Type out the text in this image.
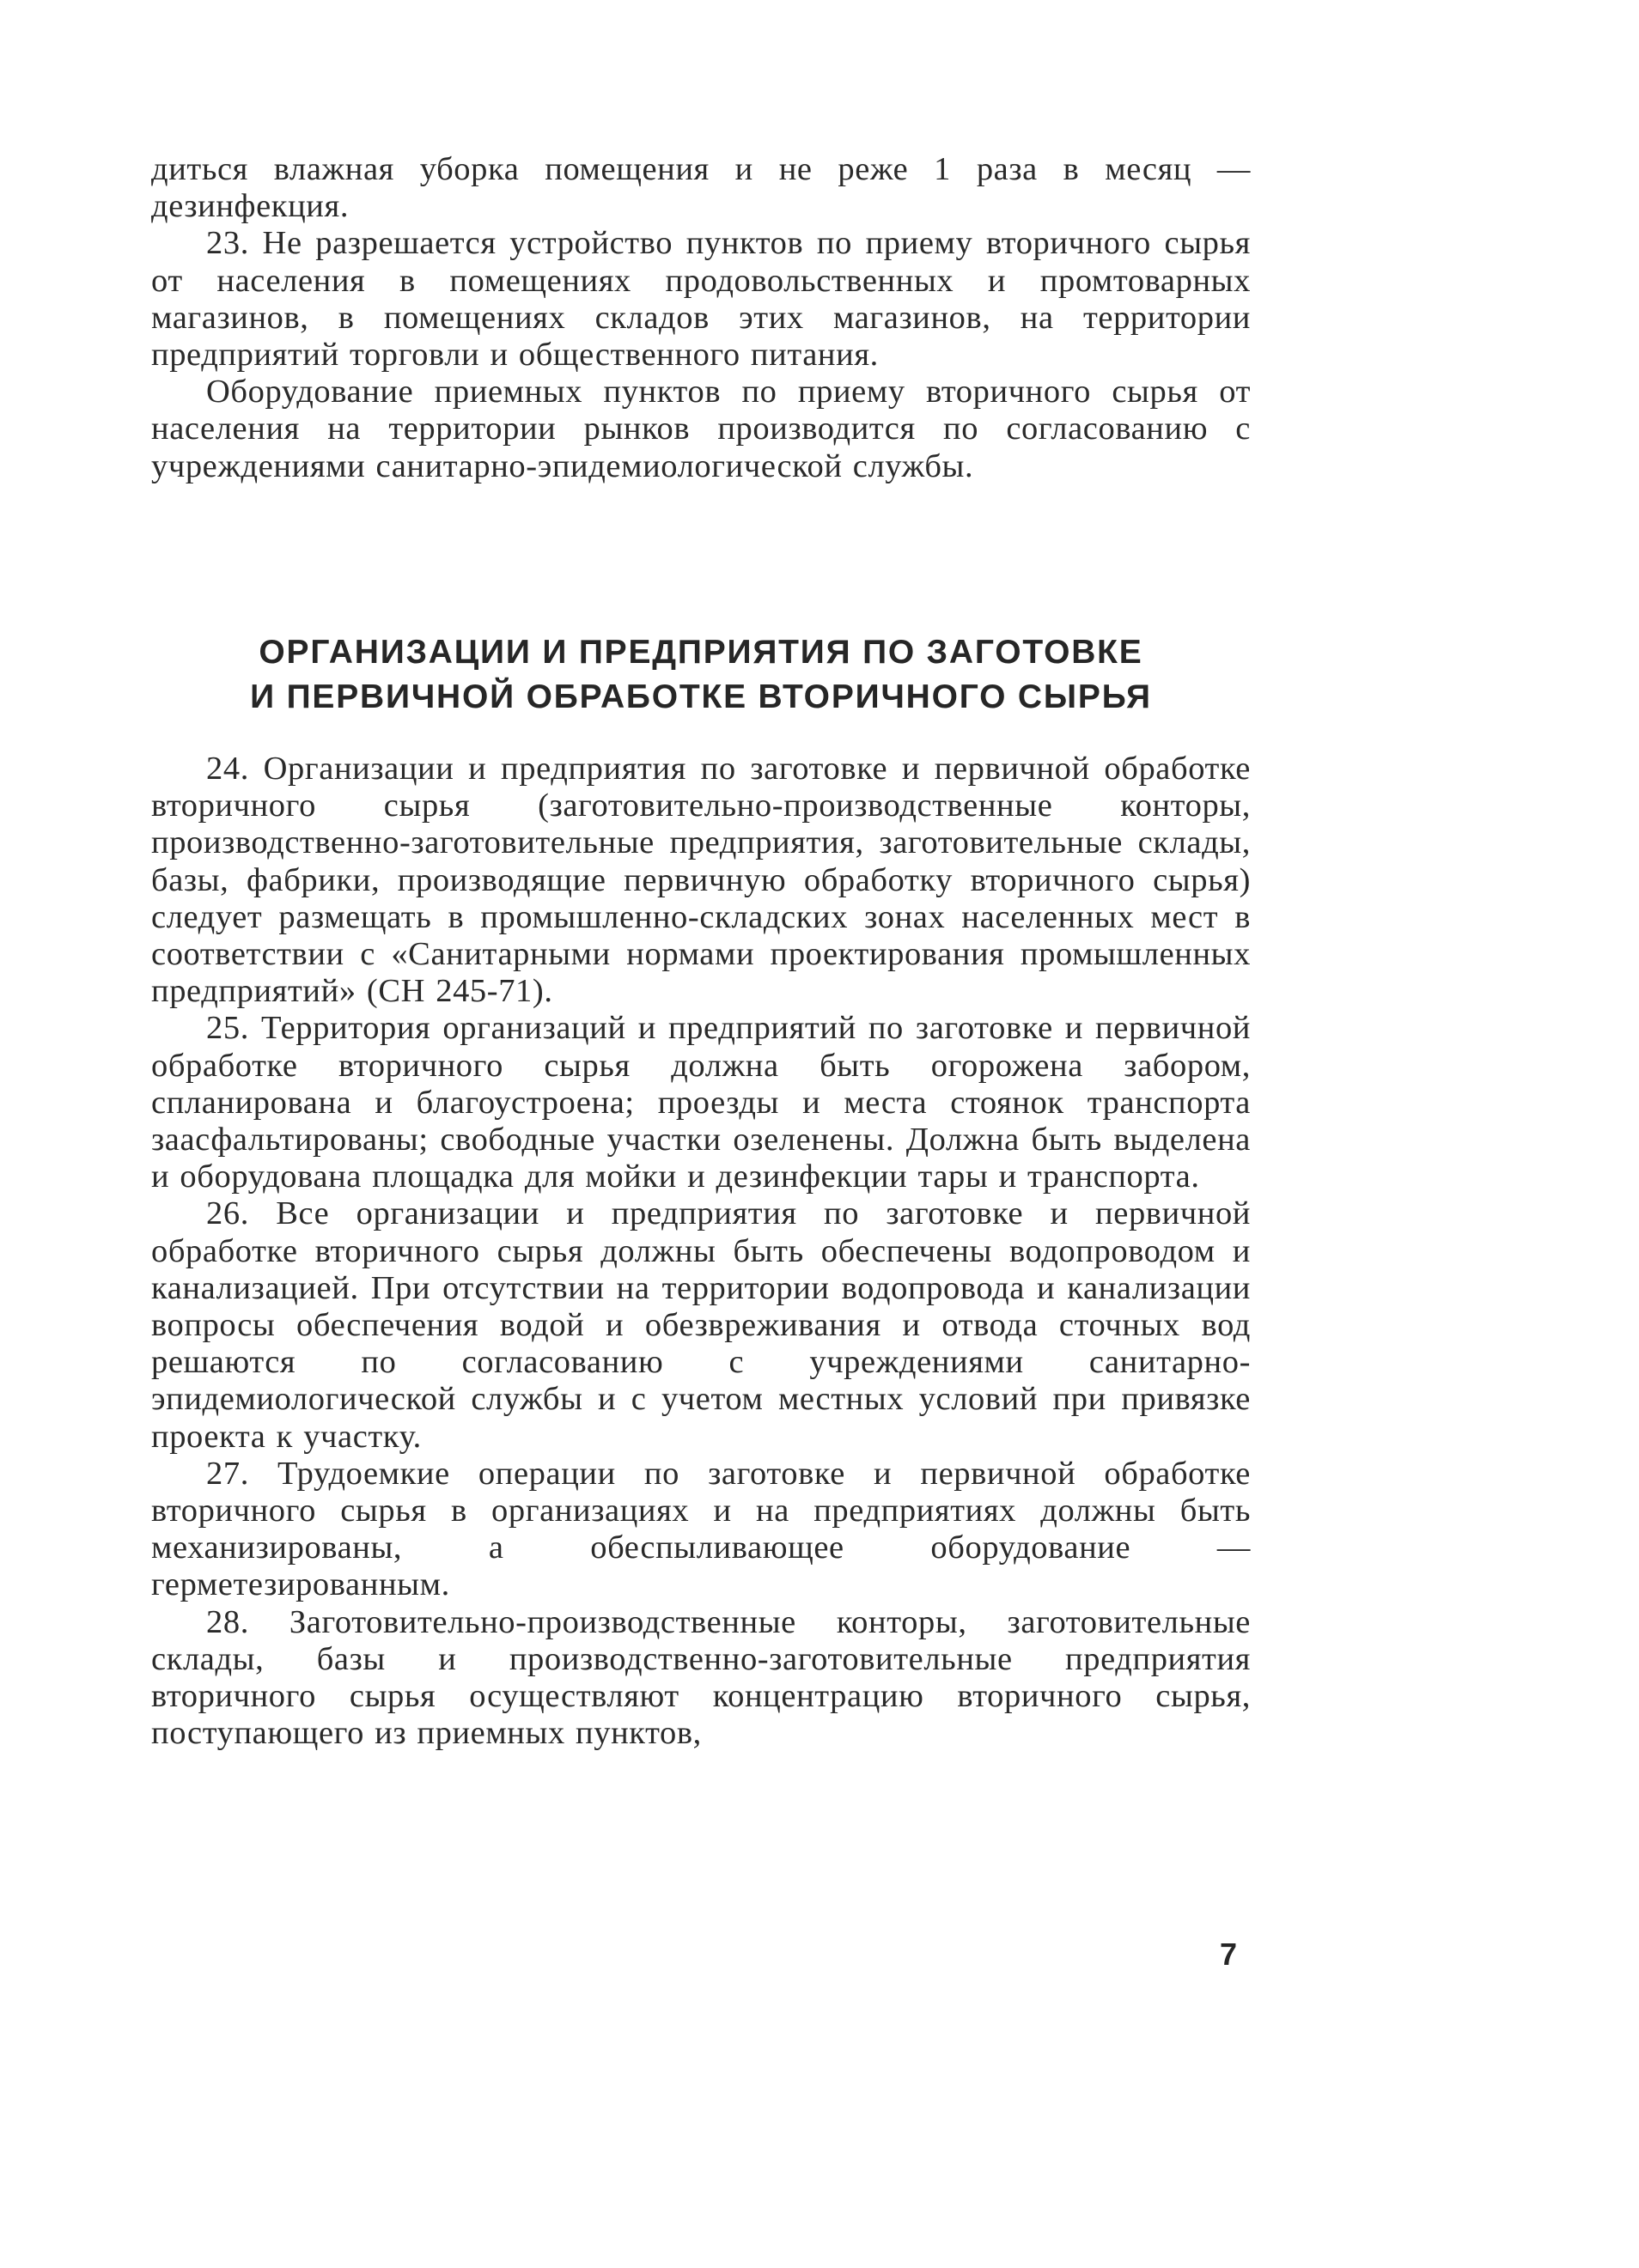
диться влажная уборка помещения и не реже 1 раза в месяц — дезинфекция.

23. Не разрешается устройство пунктов по приему вторичного сырья от населения в помещениях продовольственных и промтоварных магазинов, в помещениях складов этих магазинов, на территории предприятий торговли и общественного питания.

Оборудование приемных пунктов по приему вторичного сырья от населения на территории рынков производится по согласованию с учреждениями санитарно-эпидемиологической службы.

ОРГАНИЗАЦИИ И ПРЕДПРИЯТИЯ ПО ЗАГОТОВКЕ
И ПЕРВИЧНОЙ ОБРАБОТКЕ ВТОРИЧНОГО СЫРЬЯ

24. Организации и предприятия по заготовке и первичной обработке вторичного сырья (заготовительно-производственные конторы, производственно-заготовительные предприятия, заготовительные склады, базы, фабрики, производящие первичную обработку вторичного сырья) следует размещать в промышленно-складских зонах населенных мест в соответствии с «Санитарными нормами проектирования промышленных предприятий» (СН 245-71).

25. Территория организаций и предприятий по заготовке и первичной обработке вторичного сырья должна быть огорожена забором, спланирована и благоустроена; проезды и места стоянок транспорта заасфальтированы; свободные участки озеленены. Должна быть выделена и оборудована площадка для мойки и дезинфекции тары и транспорта.

26. Все организации и предприятия по заготовке и первичной обработке вторичного сырья должны быть обеспечены водопроводом и канализацией. При отсутствии на территории водопровода и канализации вопросы обеспечения водой и обезвреживания и отвода сточных вод решаются по согласованию с учреждениями санитарно-эпидемиологической службы и с учетом местных условий при привязке проекта к участку.

27. Трудоемкие операции по заготовке и первичной обработке вторичного сырья в организациях и на предприятиях должны быть механизированы, а обеспыливающее оборудование — герметезированным.

28. Заготовительно-производственные конторы, заготовительные склады, базы и производственно-заготовительные предприятия вторичного сырья осуществляют концентрацию вторичного сырья, поступающего из приемных пунктов,

7
